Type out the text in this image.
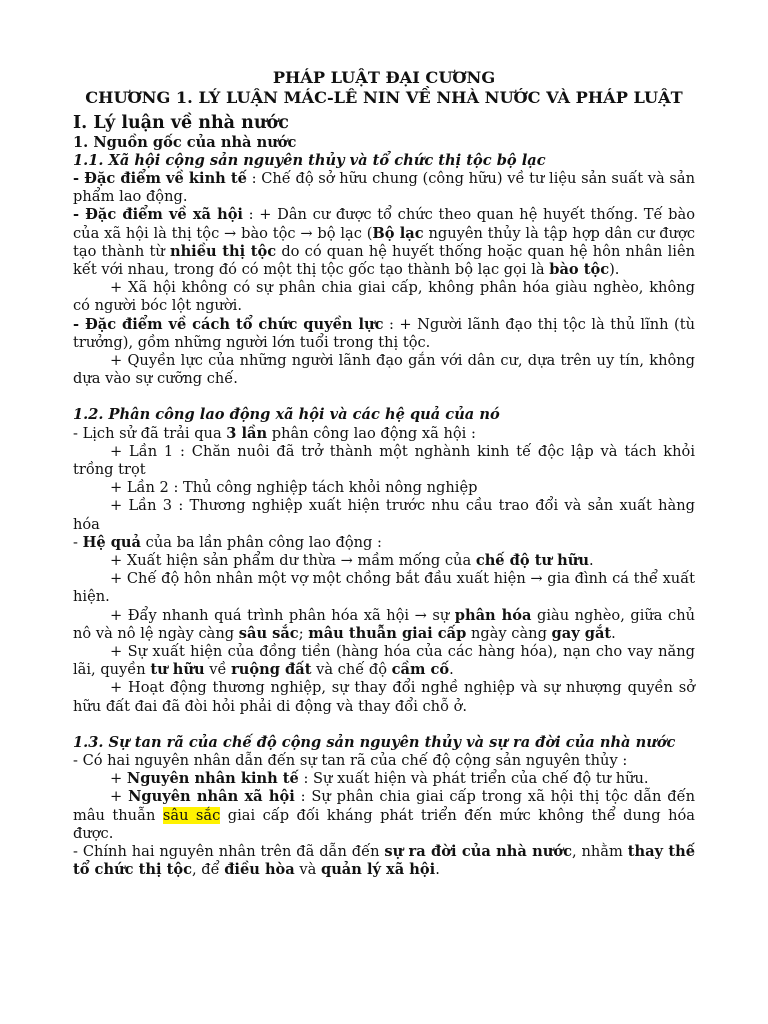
PHÁP LUẬT ĐẠI CƯƠNG
CHƯƠNG 1. LÝ LUẬN MÁC-LÊ NIN VỀ NHÀ NƯỚC VÀ PHÁP LUẬT
I. Lý luận về nhà nước
1. Nguồn gốc của nhà nước
1.1. Xã hội cộng sản nguyên thủy và tổ chức thị tộc bộ lạc
- Đặc điểm về kinh tế : Chế độ sở hữu chung (công hữu) về tư liệu sản suất và sản phẩm lao động.
- Đặc điểm về xã hội : + Dân cư được tổ chức theo quan hệ huyết thống. Tế bào của xã hội là thị tộc → bào tộc → bộ lạc (Bộ lạc nguyên thủy là tập hợp dân cư được tạo thành từ nhiều thị tộc do có quan hệ huyết thống hoặc quan hệ hôn nhân liên kết với nhau, trong đó có một thị tộc gốc tạo thành bộ lạc gọi là bào tộc).
+ Xã hội không có sự phân chia giai cấp, không phân hóa giàu nghèo, không có người bóc lột người.
- Đặc điểm về cách tổ chức quyền lực : + Người lãnh đạo thị tộc là thủ lĩnh (tù trưởng), gồm những người lớn tuổi trong thị tộc.
+ Quyền lực của những người lãnh đạo gắn với dân cư, dựa trên uy tín, không dựa vào sự cưỡng chế.
1.2. Phân công lao động xã hội và các hệ quả của nó
- Lịch sử đã trải qua 3 lần phân công lao động xã hội :
+ Lần 1 : Chăn nuôi đã trở thành một nghành kinh tế độc lập và tách khỏi trồng trọt
+ Lần 2 : Thủ công nghiệp tách khỏi nông nghiệp
+ Lần 3 : Thương nghiệp xuất hiện trước nhu cầu trao đổi và sản xuất hàng hóa
- Hệ quả của ba lần phân công lao động :
+ Xuất hiện sản phẩm dư thừa → mầm mống của chế độ tư hữu.
+ Chế độ hôn nhân một vợ một chồng bắt đầu xuất hiện → gia đình cá thể xuất hiện.
+ Đẩy nhanh quá trình phân hóa xã hội → sự phân hóa giàu nghèo, giữa chủ nô và nô lệ ngày càng sâu sắc; mâu thuẫn giai cấp ngày càng gay gắt.
+ Sự xuất hiện của đồng tiền (hàng hóa của các hàng hóa), nạn cho vay năng lãi, quyền tư hữu về ruộng đất và chế độ cầm cố.
+ Hoạt động thương nghiệp, sự thay đổi nghề nghiệp và sự nhượng quyền sở hữu đất đai đã đòi hỏi phải di động và thay đổi chỗ ở.
1.3. Sự tan rã của chế độ cộng sản nguyên thủy và sự ra đời của nhà nước
- Có hai nguyên nhân dẫn đến sự tan rã của chế độ cộng sản nguyên thủy :
+ Nguyên nhân kinh tế : Sự xuất hiện và phát triển của chế độ tư hữu.
+ Nguyên nhân xã hội : Sự phân chia giai cấp trong xã hội thị tộc dẫn đến mâu thuẫn sâu sắc giai cấp đối kháng phát triển đến mức không thể dung hóa được.
- Chính hai nguyên nhân trên đã dẫn đến sự ra đời của nhà nước, nhằm thay thế tổ chức thị tộc, để điều hòa và quản lý xã hội.
